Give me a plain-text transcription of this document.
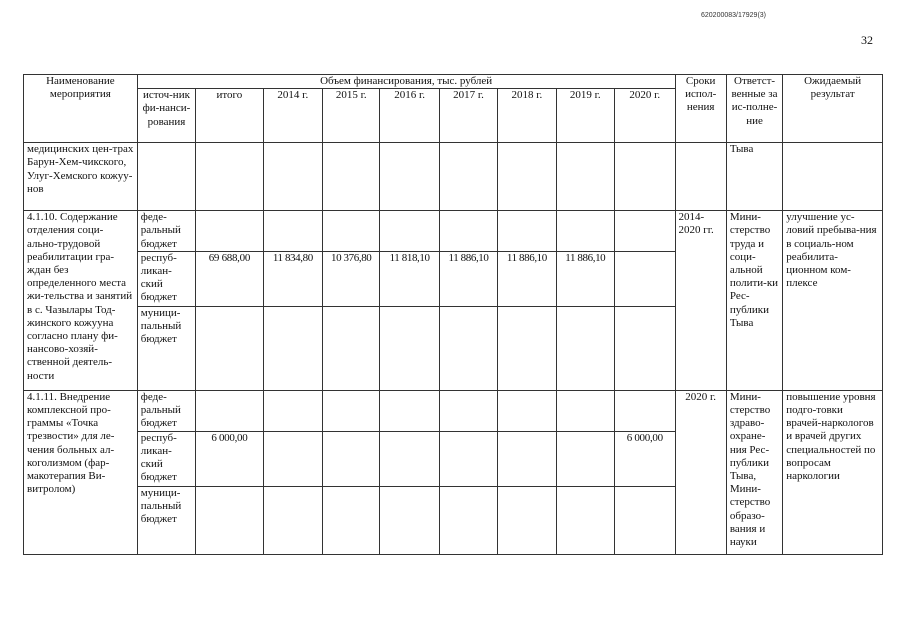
620200083/17929(3)
32
Наименование мероприятия	Объем финансирования, тыс. рублей									Сроки испол-нения	Ответст-венные за ис-полне-ние	Ожидаемый результат
	источ-ник фи-нанси-рования	итого	2014 г.	2015 г.	2016 г.	2017 г.	2018 г.	2019 г.	2020 г.			
медицинских цен-трах Барун-Хем-чикского, Улуг-Хемского кожуу-нов											Тыва	
4.1.10. Содержание отделения соци-ально-трудовой реабилитации гра-ждан без определенного места жи-тельства и занятий в с. Чазылары Тод-жинского кожууна согласно плану фи-нансово-хозяй-ственной деятель-ности	феде-ральный бюджет									2014-2020 гг.	Мини-стерство труда и соци-альной полити-ки Рес-публики Тыва	улучшение ус-ловий пребыва-ния в социаль-ном реабилита-ционном ком-плексе
	респуб-ликан-ский бюджет	69 688,00	11 834,80	10 376,80	11 818,10	11 886,10	11 886,10	11 886,10				
	муници-пальный бюджет											
4.1.11. Внедрение комплексной про-граммы «Точка трезвости» для ле-чения больных ал-коголизмом (фар-макотерапия Ви-витролом)	феде-ральный бюджет									2020 г.	Мини-стерство здраво-охране-ния Рес-публики Тыва, Мини-стерство образо-вания и науки	повышение уровня подго-товки врачей-наркологов и врачей других специальностей по вопросам наркологии
	респуб-ликан-ский бюджет	6 000,00							6 000,00			
	муници-пальный бюджет											
